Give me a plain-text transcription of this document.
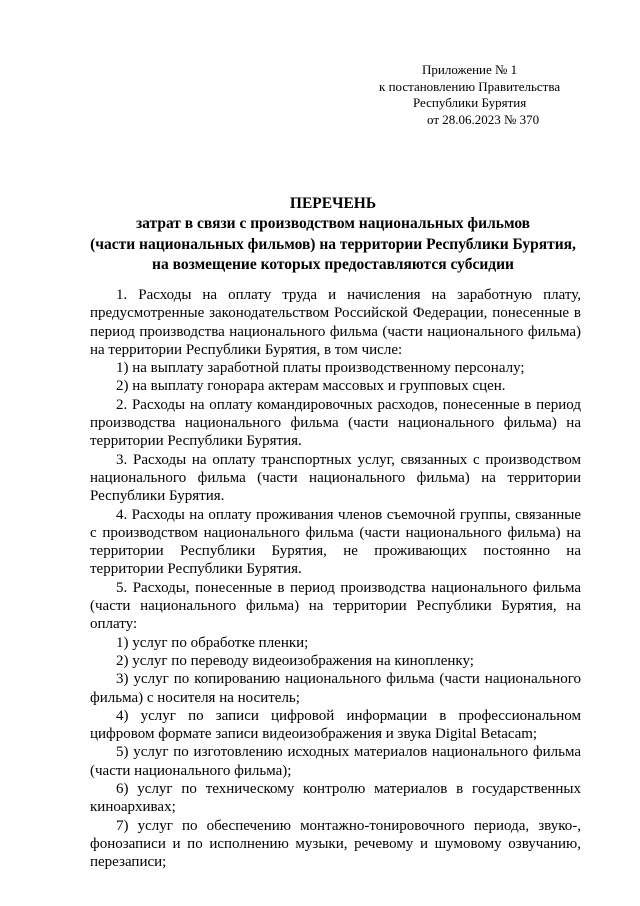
Приложение № 1
к постановлению Правительства
Республики Бурятия
от 28.06.2023 № 370
ПЕРЕЧЕНЬ
затрат в связи с производством национальных фильмов
(части национальных фильмов) на территории Республики Бурятия,
на возмещение которых предоставляются субсидии

1. Расходы на оплату труда и начисления на заработную плату, предусмотренные законодательством Российской Федерации, понесенные в период производства национального фильма (части национального фильма) на территории Республики Бурятия, в том числе:

1) на выплату заработной платы производственному персоналу;

2) на выплату гонорара актерам массовых и групповых сцен.

2. Расходы на оплату командировочных расходов, понесенные в период производства национального фильма (части национального фильма) на территории Республики Бурятия.

3. Расходы на оплату транспортных услуг, связанных с производством национального фильма (части национального фильма) на территории Республики Бурятия.

4. Расходы на оплату проживания членов съемочной группы, связанные с производством национального фильма (части национального фильма) на территории Республики Бурятия, не проживающих постоянно на территории Республики Бурятия.

5. Расходы, понесенные в период производства национального фильма (части национального фильма) на территории Республики Бурятия, на оплату:

1) услуг по обработке пленки;

2) услуг по переводу видеоизображения на кинопленку;

3) услуг по копированию национального фильма (части национального фильма) с носителя на носитель;

4) услуг по записи цифровой информации в профессиональном цифровом формате записи видеоизображения и звука Digital Betacam;

5) услуг по изготовлению исходных материалов национального фильма (части национального фильма);

6) услуг по техническому контролю материалов в государственных киноархивах;

7) услуг по обеспечению монтажно-тонировочного периода, звуко-, фонозаписи и по исполнению музыки, речевому и шумовому озвучанию, перезаписи;
